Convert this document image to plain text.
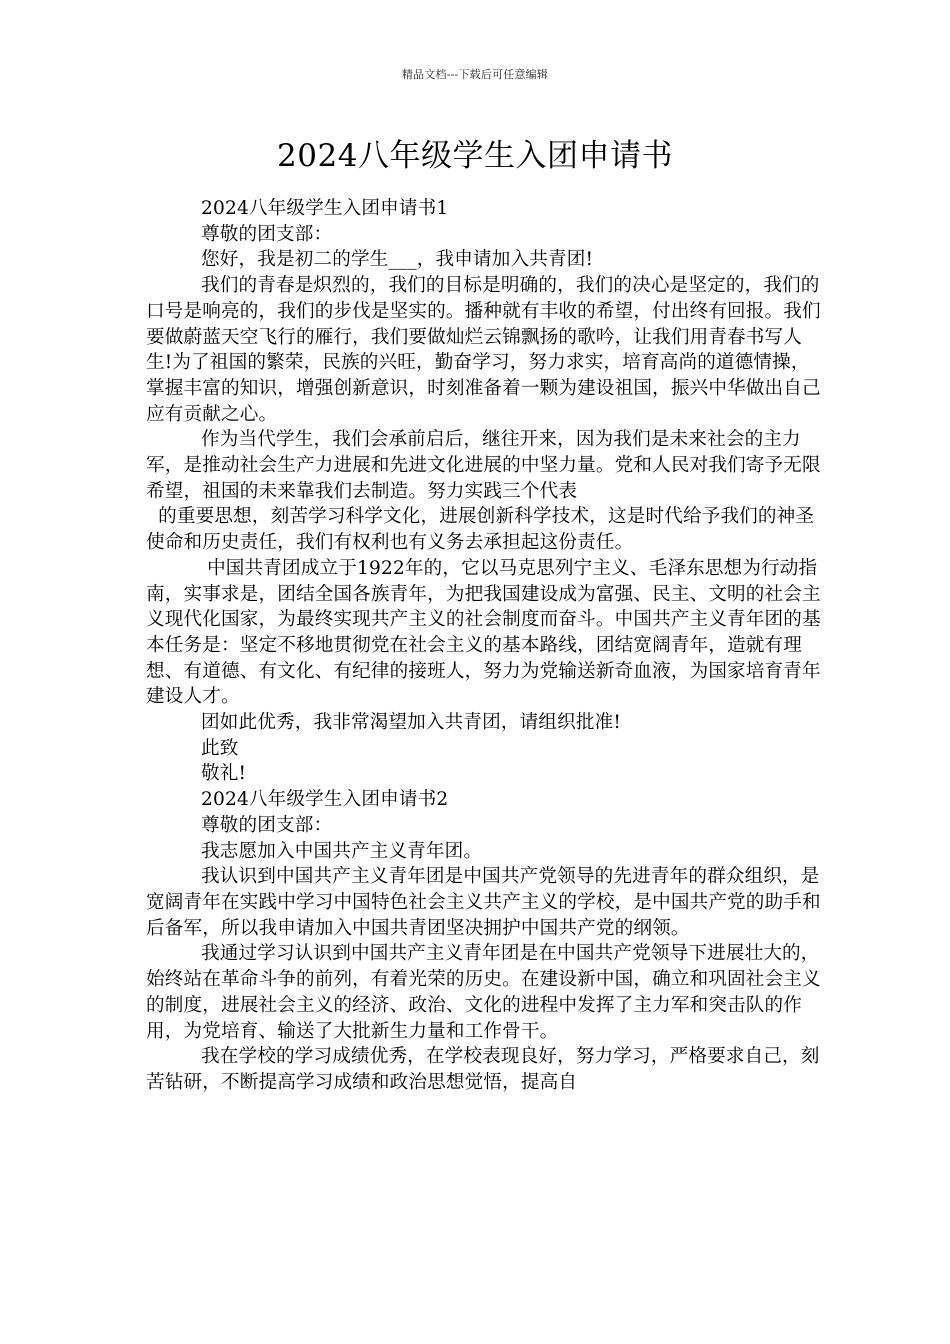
精品文档---下载后可任意编辑
2024八年级学生入团申请书

2024八年级学生入团申请书1

尊敬的团支部：

您好，我是初二的学生___，我申请加入共青团!

我们的青春是炽烈的，我们的目标是明确的，我们的决心是坚定的，我们的口号是响亮的，我们的步伐是坚实的。播种就有丰收的希望，付出终有回报。我们要做蔚蓝天空飞行的雁行，我们要做灿烂云锦飘扬的歌吟，让我们用青春书写人生!为了祖国的繁荣，民族的兴旺，勤奋学习，努力求实，培育高尚的道德情操，掌握丰富的知识，增强创新意识，时刻准备着一颗为建设祖国，振兴中华做出自己应有贡献之心。

作为当代学生，我们会承前启后，继往开来，因为我们是未来社会的主力军，是推动社会生产力进展和先进文化进展的中坚力量。党和人民对我们寄予无限希望，祖国的未来靠我们去制造。努力实践三个代表

的重要思想，刻苦学习科学文化，进展创新科学技术，这是时代给予我们的神圣使命和历史责任，我们有权利也有义务去承担起这份责任。

中国共青团成立于1922年的，它以马克思列宁主义、毛泽东思想为行动指南，实事求是，团结全国各族青年，为把我国建设成为富强、民主、文明的社会主义现代化国家，为最终实现共产主义的社会制度而奋斗。中国共产主义青年团的基本任务是：坚定不移地贯彻党在社会主义的基本路线，团结宽阔青年，造就有理想、有道德、有文化、有纪律的接班人，努力为党输送新奇血液，为国家培育青年建设人才。

团如此优秀，我非常渴望加入共青团，请组织批准!

此致

敬礼!

2024八年级学生入团申请书2

尊敬的团支部：

我志愿加入中国共产主义青年团。

我认识到中国共产主义青年团是中国共产党领导的先进青年的群众组织，是宽阔青年在实践中学习中国特色社会主义共产主义的学校，是中国共产党的助手和后备军，所以我申请加入中国共青团坚决拥护中国共产党的纲领。

我通过学习认识到中国共产主义青年团是在中国共产党领导下进展壮大的，始终站在革命斗争的前列，有着光荣的历史。在建设新中国，确立和巩固社会主义的制度，进展社会主义的经济、政治、文化的进程中发挥了主力军和突击队的作用，为党培育、输送了大批新生力量和工作骨干。

我在学校的学习成绩优秀，在学校表现良好，努力学习，严格要求自己，刻苦钻研，不断提高学习成绩和政治思想觉悟，提高自
